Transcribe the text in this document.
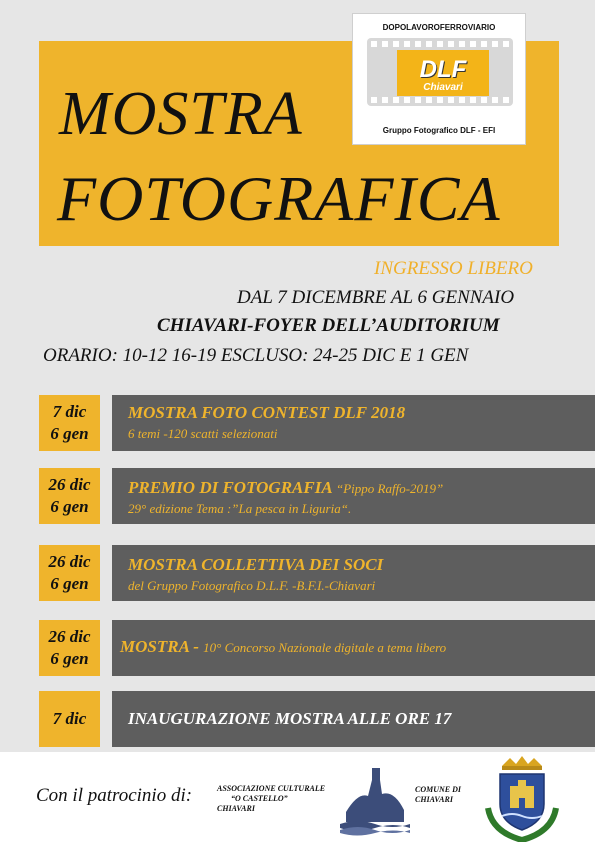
MOSTRA
FOTOGRAFICA
DOPOLAVOROFERROVIARIO
DLF
Chiavari
Gruppo Fotografico DLF - EFI
INGRESSO LIBERO
DAL 7 DICEMBRE AL 6 GENNAIO
CHIAVARI-FOYER DELL’AUDITORIUM
ORARIO: 10-12 16-19 ESCLUSO: 24-25 DIC E 1 GEN
7 dic
6 gen
MOSTRA FOTO CONTEST DLF 2018
6 temi -120 scatti selezionati
26 dic
6 gen
PREMIO DI FOTOGRAFIA “Pippo Raffo-2019”
29° edizione Tema :”La pesca in Liguria“.
26 dic
6 gen
MOSTRA COLLETTIVA DEI SOCI
del Gruppo Fotografico D.L.F. -B.F.I.-Chiavari
26 dic
6 gen
MOSTRA - 10° Concorso Nazionale digitale a tema libero
7 dic	INAUGURAZIONE MOSTRA ALLE ORE 17
Con il patrocinio di:	ASSOCIAZIONE CULTURALE
“O CASTELLO”
CHIAVARI
COMUNE DI
CHIAVARI
